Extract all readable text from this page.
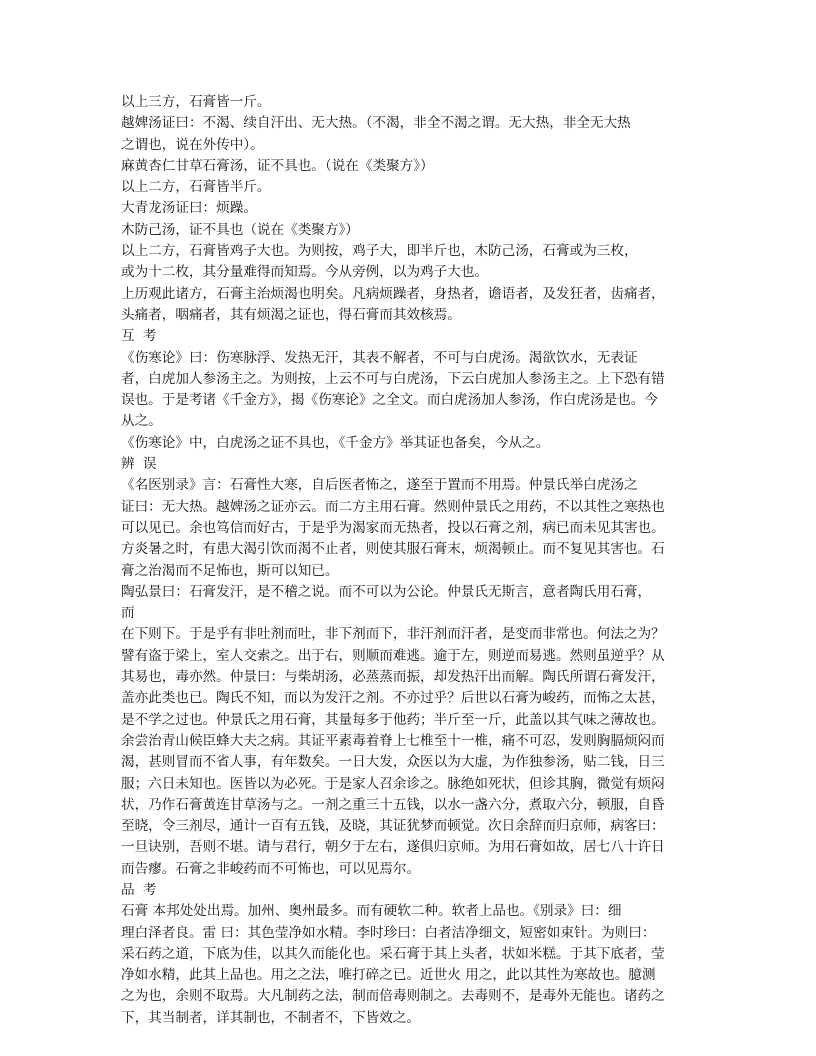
以上三方，石膏皆一斤。
越婢汤证曰：不渴、续自汗出、无大热。（不渴，非全不渴之谓。无大热，非全无大热
之谓也，说在外传中）。
麻黄杏仁甘草石膏汤，证不具也。（说在《类聚方》）
以上二方，石膏皆半斤。
大青龙汤证曰：烦躁。
木防己汤，证不具也（说在《类聚方》）
以上二方，石膏皆鸡子大也。为则按，鸡子大，即半斤也，木防己汤，石膏或为三枚，
或为十二枚，其分量难得而知焉。今从旁例，以为鸡子大也。
上历观此诸方，石膏主治烦渴也明矣。凡病烦躁者，身热者，谵语者，及发狂者，齿痛者，
头痛者，咽痛者，其有烦渴之证也，得石膏而其效核焉。
互 考
《伤寒论》曰：伤寒脉浮、发热无汗，其表不解者，不可与白虎汤。渴欲饮水，无表证
者，白虎加人参汤主之。为则按，上云不可与白虎汤，下云白虎加人参汤主之。上下恐有错
误也。于是考诸《千金方》，揭《伤寒论》之全文。而白虎汤加人参汤，作白虎汤是也。今
从之。
《伤寒论》中，白虎汤之证不具也，《千金方》举其证也备矣，今从之。
辨 误
《名医别录》言：石膏性大寒，自后医者怖之，遂至于置而不用焉。仲景氏举白虎汤之
证曰：无大热。越婢汤之证亦云。而二方主用石膏。然则仲景氏之用药，不以其性之寒热也
可以见已。余也笃信而好古，于是乎为渴家而无热者，投以石膏之剂，病已而未见其害也。
方炎暑之时，有患大渴引饮而渴不止者，则使其服石膏末，烦渴顿止。而不复见其害也。石
膏之治渴而不足怖也，斯可以知已。
陶弘景曰：石膏发汗，是不稽之说。而不可以为公论。仲景氏无斯言，意者陶氏用石膏，
而
在下则下。于是乎有非吐剂而吐，非下剂而下，非汗剂而汗者，是变而非常也。何法之为？
譬有盗于梁上，室人交索之。出于右，则顺而难逃。逾于左，则逆而易逃。然则虽逆乎？从
其易也，毒亦然。仲景曰：与柴胡汤，必蒸蒸而振，却发热汗出而解。陶氏所谓石膏发汗，
盖亦此类也已。陶氏不知，而以为发汗之剂。不亦过乎？后世以石膏为峻药，而怖之太甚，
是不学之过也。仲景氏之用石膏，其量每多于他药；半斤至一斤，此盖以其气味之薄故也。
余尝治青山候臣蜂大夫之病。其证平素毒着脊上七椎至十一椎，痛不可忍，发则胸膈烦闷而
渴，甚则冒而不省人事，有年数矣。一日大发，众医以为大虚，为作独参汤，贴二钱，日三
服；六日未知也。医皆以为必死。于是家人召余诊之。脉绝如死状，但诊其胸，微觉有烦闷
状，乃作石膏黄连甘草汤与之。一剂之重三十五钱，以水一盏六分，煮取六分，顿服，自昏
至晓，令三剂尽，通计一百有五钱，及晓，其证犹梦而顿觉。次日余辞而归京师，病客曰：
一旦诀别，吾则不堪。请与君行，朝夕于左右，遂俱归京师。为用石膏如故，居七八十许日
而告瘳。石膏之非峻药而不可怖也，可以见焉尔。
品 考
石膏 本邦处处出焉。加州、奥州最多。而有硬软二种。软者上品也。《别录》曰：细
理白泽者良。雷 曰：其色莹净如水精。李时珍曰：白者洁净细文，短密如束针。为则曰：
采石药之道，下底为佳，以其久而能化也。采石膏于其上头者，状如米糕。于其下底者，莹
净如水精，此其上品也。用之之法，唯打碎之已。近世火 用之，此以其性为寒故也。臆测
之为也，余则不取焉。大凡制药之法，制而倍毒则制之。去毒则不，是毒外无能也。诸药之
下，其当制者，详其制也，不制者不，下皆效之。
